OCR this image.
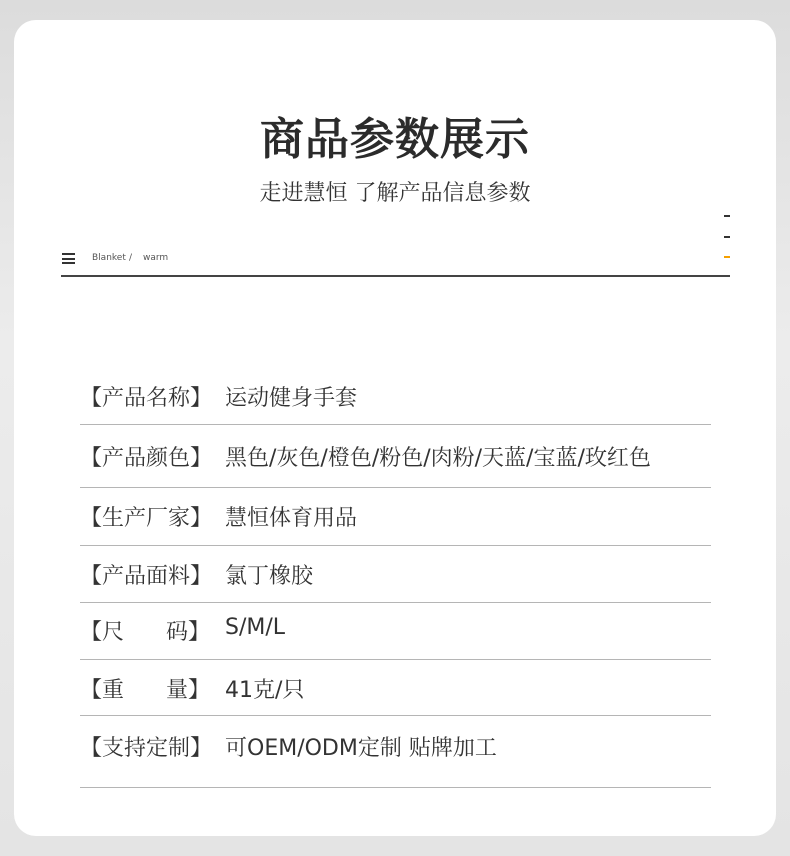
商品参数展示
走进慧恒 了解产品信息参数
Blanket / warm
【产品名称】 运动健身手套
【产品颜色】 黑色/灰色/橙色/粉色/肉粉/天蓝/宝蓝/玫红色
【生产厂家】 慧恒体育用品
【产品面料】 氯丁橡胶
【尺      码】 S/M/L
【重      量】 41克/只
【支持定制】 可OEM/ODM定制 贴牌加工
